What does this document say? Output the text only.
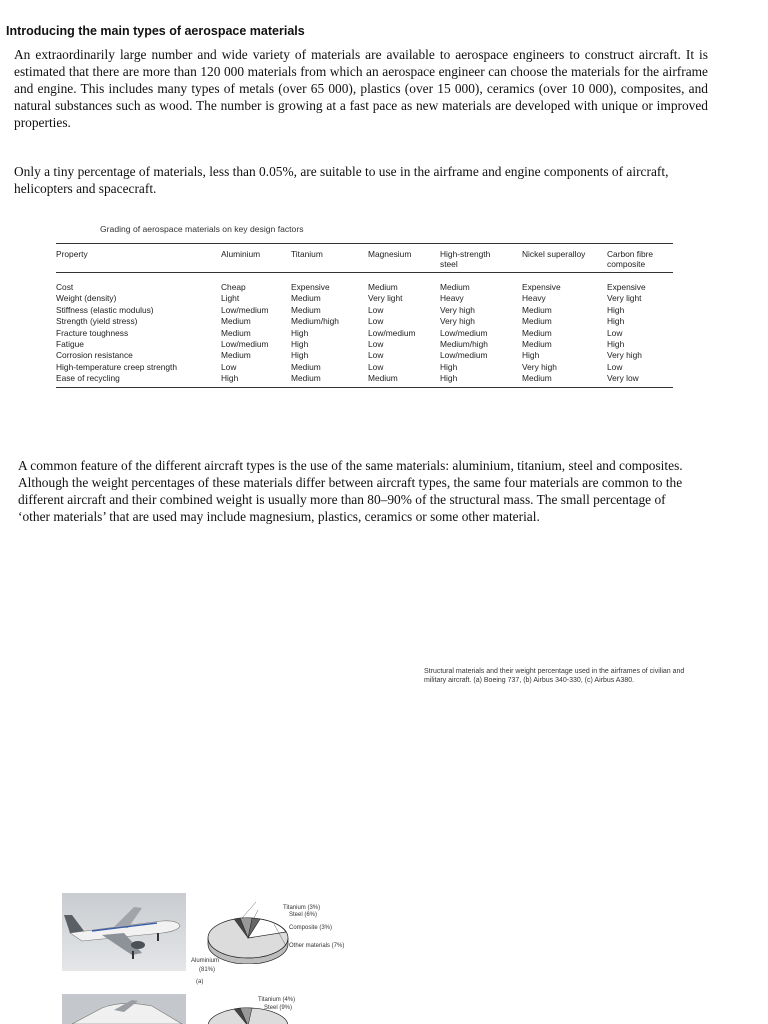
Introducing the main types of aerospace materials

An extraordinarily large number and wide variety of materials are available to aerospace engineers to construct aircraft. It is estimated that there are more than 120 000 materials from which an aerospace engineer can choose the materials for the airframe and engine. This includes many types of metals (over 65 000), plastics (over 15 000), ceramics (over 10 000), composites, and natural substances such as wood. The number is growing at a fast pace as new materials are developed with unique or improved properties.

Only a tiny percentage of materials, less than 0.05%, are suitable to use in the airframe and engine components of aircraft, helicopters and spacecraft.

Grading of aerospace materials on key design factors

Property	Aluminium	Titanium	Magnesium	High-strength steel	Nickel superalloy	Carbon fibre composite
Cost	Cheap	Expensive	Medium	Medium	Expensive	Expensive
Weight (density)	Light	Medium	Very light	Heavy	Heavy	Very light
Stiffness (elastic modulus)	Low/medium	Medium	Low	Very high	Medium	High
Strength (yield stress)	Medium	Medium/high	Low	Very high	Medium	High
Fracture toughness	Medium	High	Low/medium	Low/medium	Medium	Low
Fatigue	Low/medium	High	Low	Medium/high	Medium	High
Corrosion resistance	Medium	High	Low	Low/medium	High	Very high
High-temperature creep strength	Low	Medium	Low	High	Very high	Low
Ease of recycling	High	Medium	Medium	High	Medium	Very low

A common feature of the different aircraft types is the use of the same materials: aluminium, titanium, steel and composites. Although the weight percentages of these materials differ between aircraft types, the same four materials are common to the different aircraft and their combined weight is usually more than 80–90% of the structural mass. The small percentage of
‘other materials’ that are used may include magnesium, plastics, ceramics or some other material.

Structural materials and their weight percentage used in the airframes of civilian and military aircraft. (a) Boeing 737, (b) Airbus 340-330, (c) Airbus A380.

Titanium (3%)

Steel (6%)

Composite (3%)

Other materials (7%)

Aluminium

(81%)

(a)

Titanium (4%)

Steel (9%)
